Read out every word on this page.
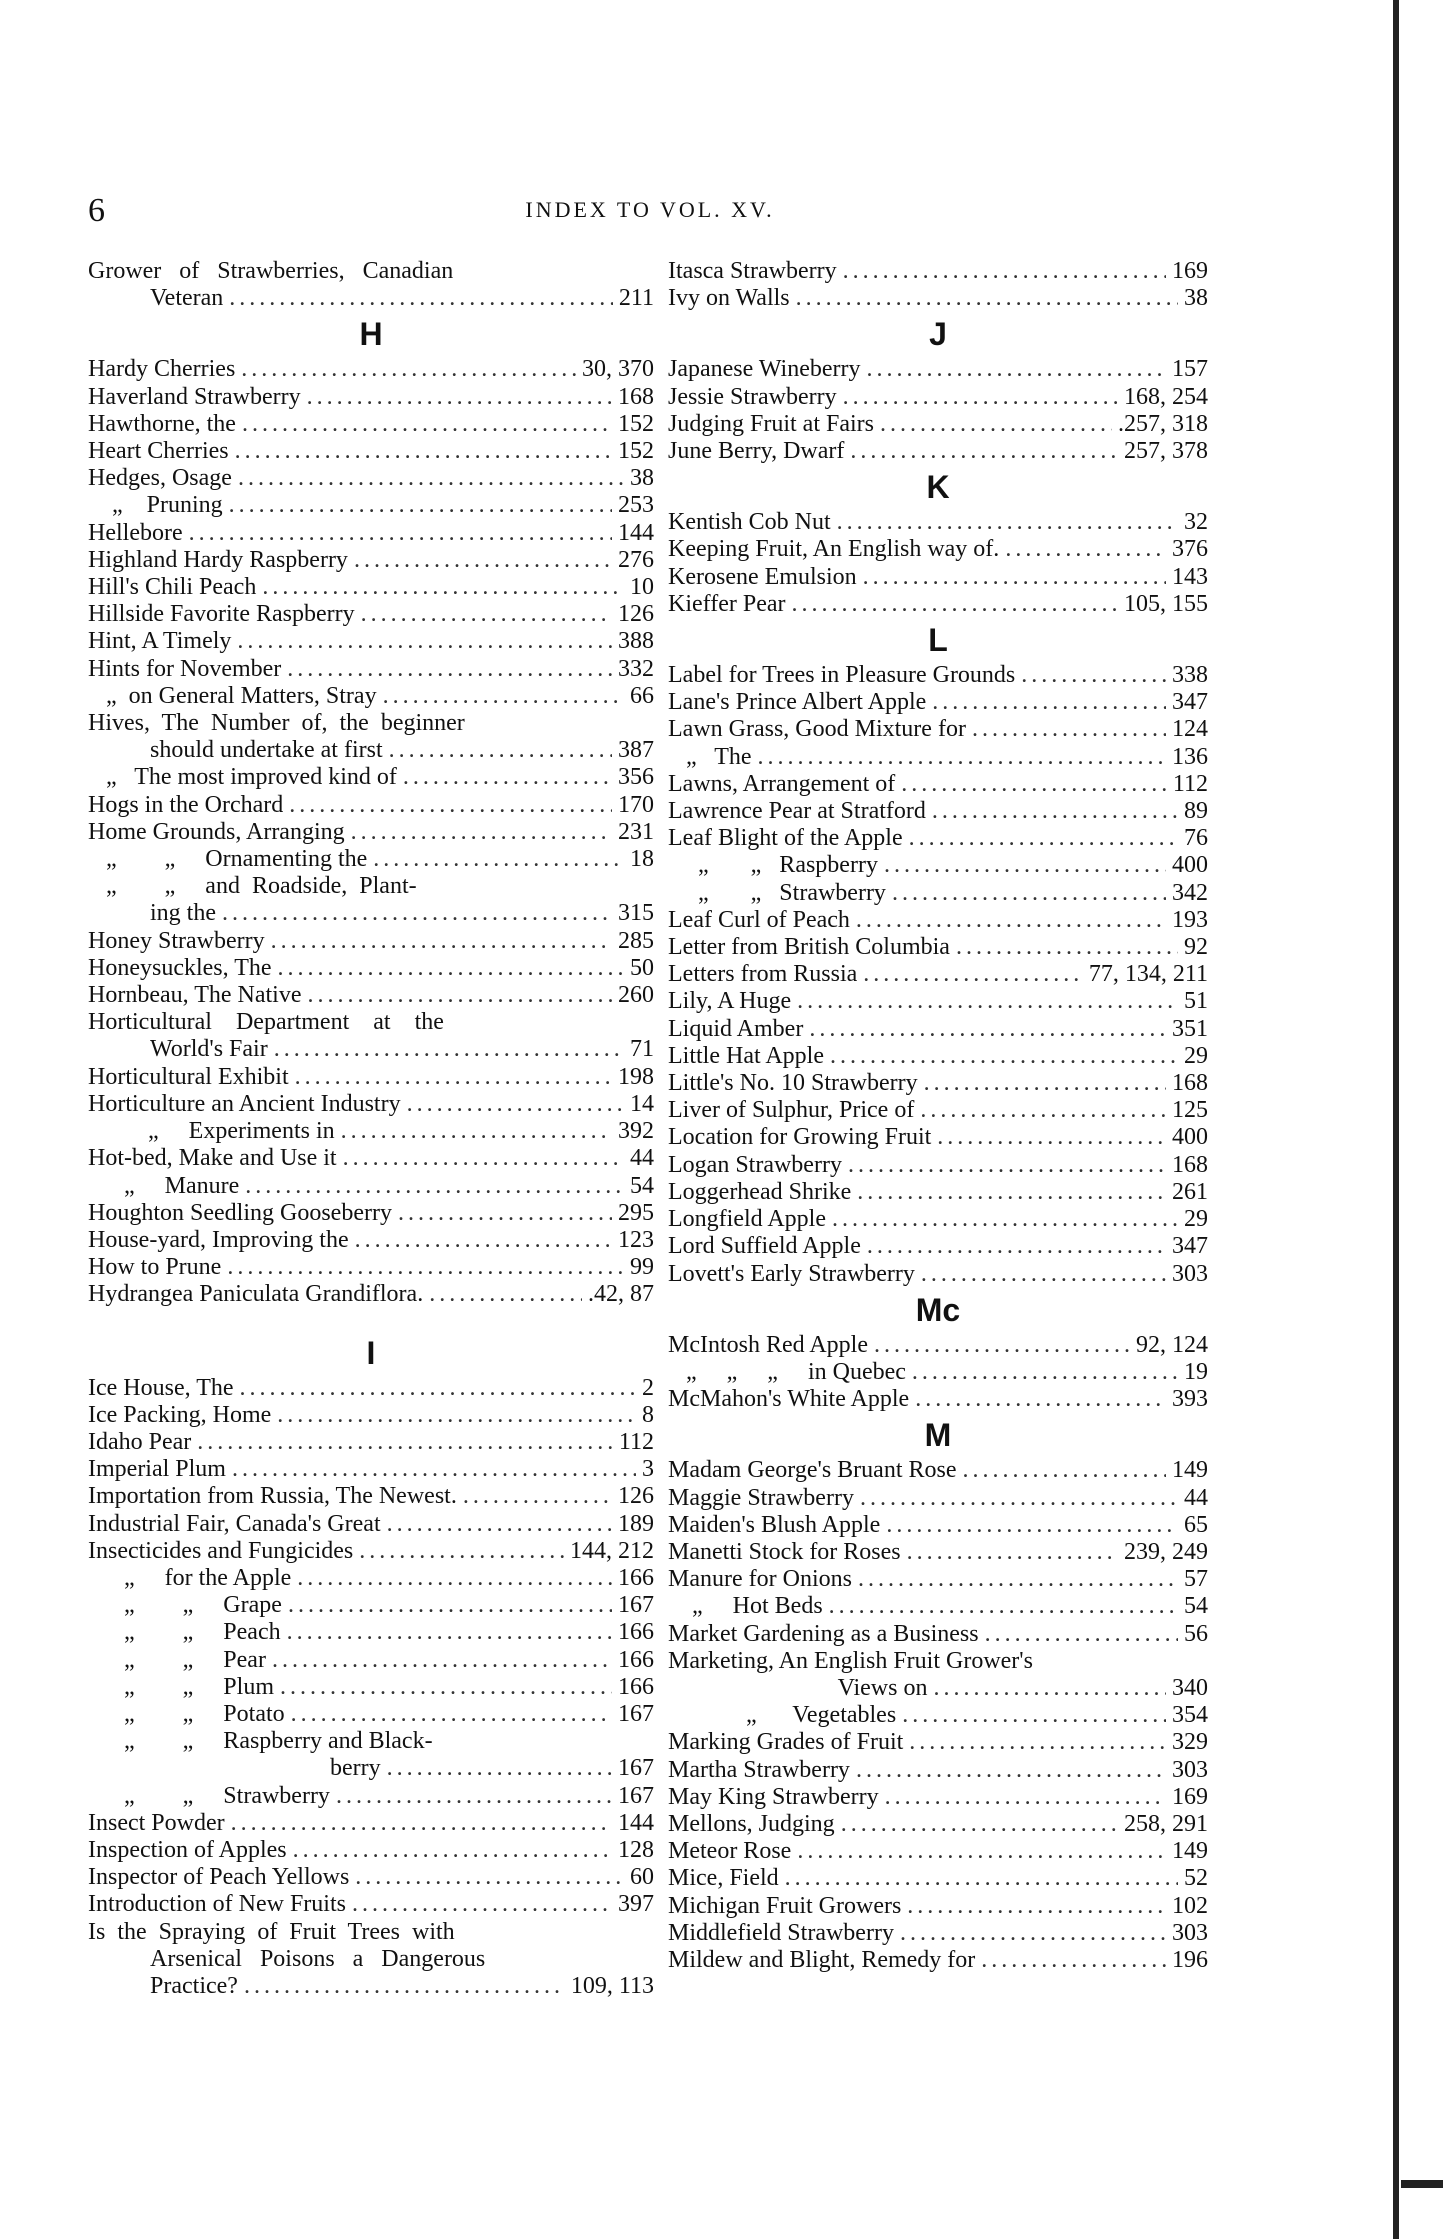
6	INDEX TO VOL. XV.
Grower   of   Strawberries,   Canadian
Veteran . . .	211
H
Hardy Cherries . . .	30, 370
Haverland Strawberry . . .	168
Hawthorne, the . . .	152
Heart Cherries . . .	152
Hedges, Osage . . .	38
„    Pruning . . .	253
Hellebore . . .	144
Highland Hardy Raspberry . . .	276
Hill's Chili Peach . . .	10
Hillside Favorite Raspberry . . .	126
Hint, A Timely . . .	388
Hints for November . . .	332
„  on General Matters, Stray . . .	66
Hives,  The  Number  of,  the  beginner
should undertake at first . . .	387
„   The most improved kind of . . .	356
Hogs in the Orchard . . .	170
Home Grounds, Arranging . . .	231
„        „     Ornamenting the . . .	18
„        „     and  Roadside,  Plant-
ing the . . .	315
Honey Strawberry . . .	285
Honeysuckles, The . . .	50
Hornbeau, The Native . . .	260
Horticultural    Department    at    the
World's Fair . . .	71
Horticultural Exhibit . . .	198
Horticulture an Ancient Industry . . .	14
„     Experiments in . . .	392
Hot-bed, Make and Use it . . .	44
„     Manure . . .	54
Houghton Seedling Gooseberry . . .	295
House-yard, Improving the . . .	123
How to Prune . . .	99
Hydrangea Paniculata Grandiflora. . . .	.42, 87
I
Ice House, The . . .	2
Ice Packing, Home . . .	8
Idaho Pear . . .	112
Imperial Plum . . .	3
Importation from Russia, The Newest. . . .	126
Industrial Fair, Canada's Great . . .	189
Insecticides and Fungicides . . .	144, 212
„     for the Apple . . .	166
„        „     Grape . . .	167
„        „     Peach . . .	166
„        „     Pear . . .	166
„        „     Plum . . .	166
„        „     Potato . . .	167
„        „     Raspberry and Black-
berry . . .	167
„        „     Strawberry . . .	167
Insect Powder . . .	144
Inspection of Apples . . .	128
Inspector of Peach Yellows . . .	60
Introduction of New Fruits . . .	397
Is  the  Spraying  of  Fruit  Trees  with
Arsenical   Poisons   a   Dangerous
Practice? . . .	109, 113
Itasca Strawberry . . .	169
Ivy on Walls . . .	38
J
Japanese Wineberry . . .	157
Jessie Strawberry . . .	168, 254
Judging Fruit at Fairs . . .	.257, 318
June Berry, Dwarf . . .	257, 378
K
Kentish Cob Nut . . .	32
Keeping Fruit, An English way of. . . .	376
Kerosene Emulsion . . .	143
Kieffer Pear . . .	105, 155
L
Label for Trees in Pleasure Grounds . . .	338
Lane's Prince Albert Apple . . .	347
Lawn Grass, Good Mixture for . . .	124
„   The . . .	136
Lawns, Arrangement of . . .	112
Lawrence Pear at Stratford . . .	89
Leaf Blight of the Apple . . .	76
„       „   Raspberry . . .	400
„       „   Strawberry . . .	342
Leaf Curl of Peach . . .	193
Letter from British Columbia . . .	92
Letters from Russia . . .	77, 134, 211
Lily, A Huge . . .	51
Liquid Amber . . .	351
Little Hat Apple . . .	29
Little's No. 10 Strawberry . . .	168
Liver of Sulphur, Price of . . .	125
Location for Growing Fruit . . .	400
Logan Strawberry . . .	168
Loggerhead Shrike . . .	261
Longfield Apple . . .	29
Lord Suffield Apple . . .	347
Lovett's Early Strawberry . . .	303
Mc
McIntosh Red Apple . . .	92, 124
„     „     „     in Quebec . . .	19
McMahon's White Apple . . .	393
M
Madam George's Bruant Rose . . .	149
Maggie Strawberry . . .	44
Maiden's Blush Apple . . .	65
Manetti Stock for Roses . . .	239, 249
Manure for Onions . . .	57
„     Hot Beds . . .	54
Market Gardening as a Business . . .	56
Marketing, An English Fruit Grower's
Views on . . .	340
„      Vegetables . . .	354
Marking Grades of Fruit . . .	329
Martha Strawberry . . .	303
May King Strawberry . . .	169
Mellons, Judging . . .	258, 291
Meteor Rose . . .	149
Mice, Field . . .	52
Michigan Fruit Growers . . .	102
Middlefield Strawberry . . .	303
Mildew and Blight, Remedy for . . .	196
